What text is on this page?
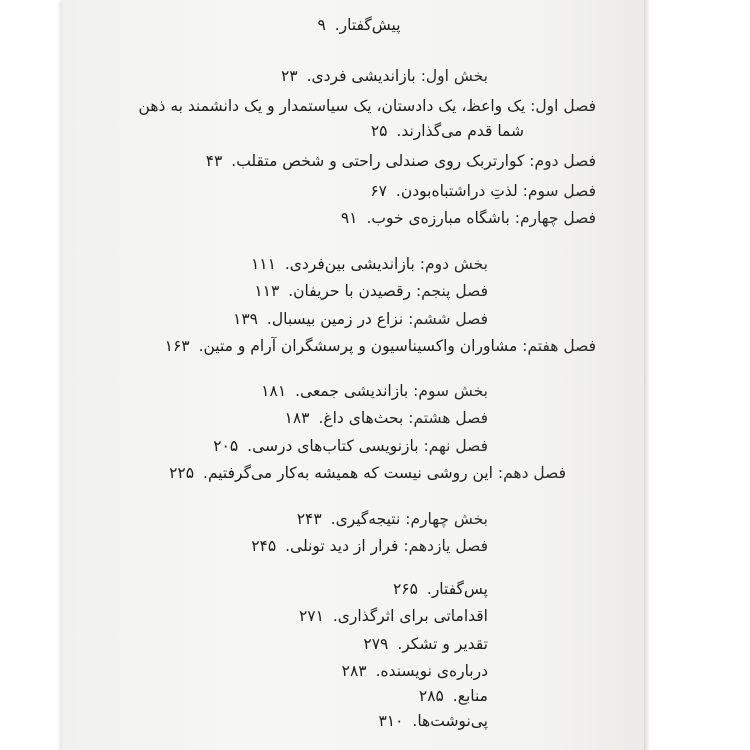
پیش‌گفتار. ۹
بخش اول: بازاندیشی فردی. ۲۳
فصل اول: یک واعظ، یک دادستان، یک سیاستمدار و یک دانشمند به ذهن
شما قدم می‌گذارند. ۲۵
فصل دوم: کوارتربک روی صندلی راحتی و شخص متقلب. ۴۳
فصل سوم: لذتِ دراشتباه‌بودن. ۶۷
فصل چهارم: باشگاه مبارزه‌ی خوب. ۹۱
بخش دوم: بازاندیشی بین‌فردی. ۱۱۱
فصل پنجم: رقصیدن با حریفان. ۱۱۳
فصل ششم: نزاع در زمین بیسبال. ۱۳۹
فصل هفتم: مشاوران واکسیناسیون و پرسشگران آرام و متین. ۱۶۳
بخش سوم: بازاندیشی جمعی. ۱۸۱
فصل هشتم: بحث‌های داغ. ۱۸۳
فصل نهم: بازنویسی کتاب‌های درسی. ۲۰۵
فصل دهم: این روشی نیست که همیشه به‌کار می‌گرفتیم. ۲۲۵
بخش چهارم: نتیجه‌گیری. ۲۴۳
فصل یازدهم: فرار از دید تونلی. ۲۴۵
پس‌گفتار. ۲۶۵
اقداماتی برای اثرگذاری. ۲۷۱
تقدیر و تشکر. ۲۷۹
درباره‌ی نویسنده. ۲۸۳
منابع. ۲۸۵
پی‌نوشت‌ها. ۳۱۰
